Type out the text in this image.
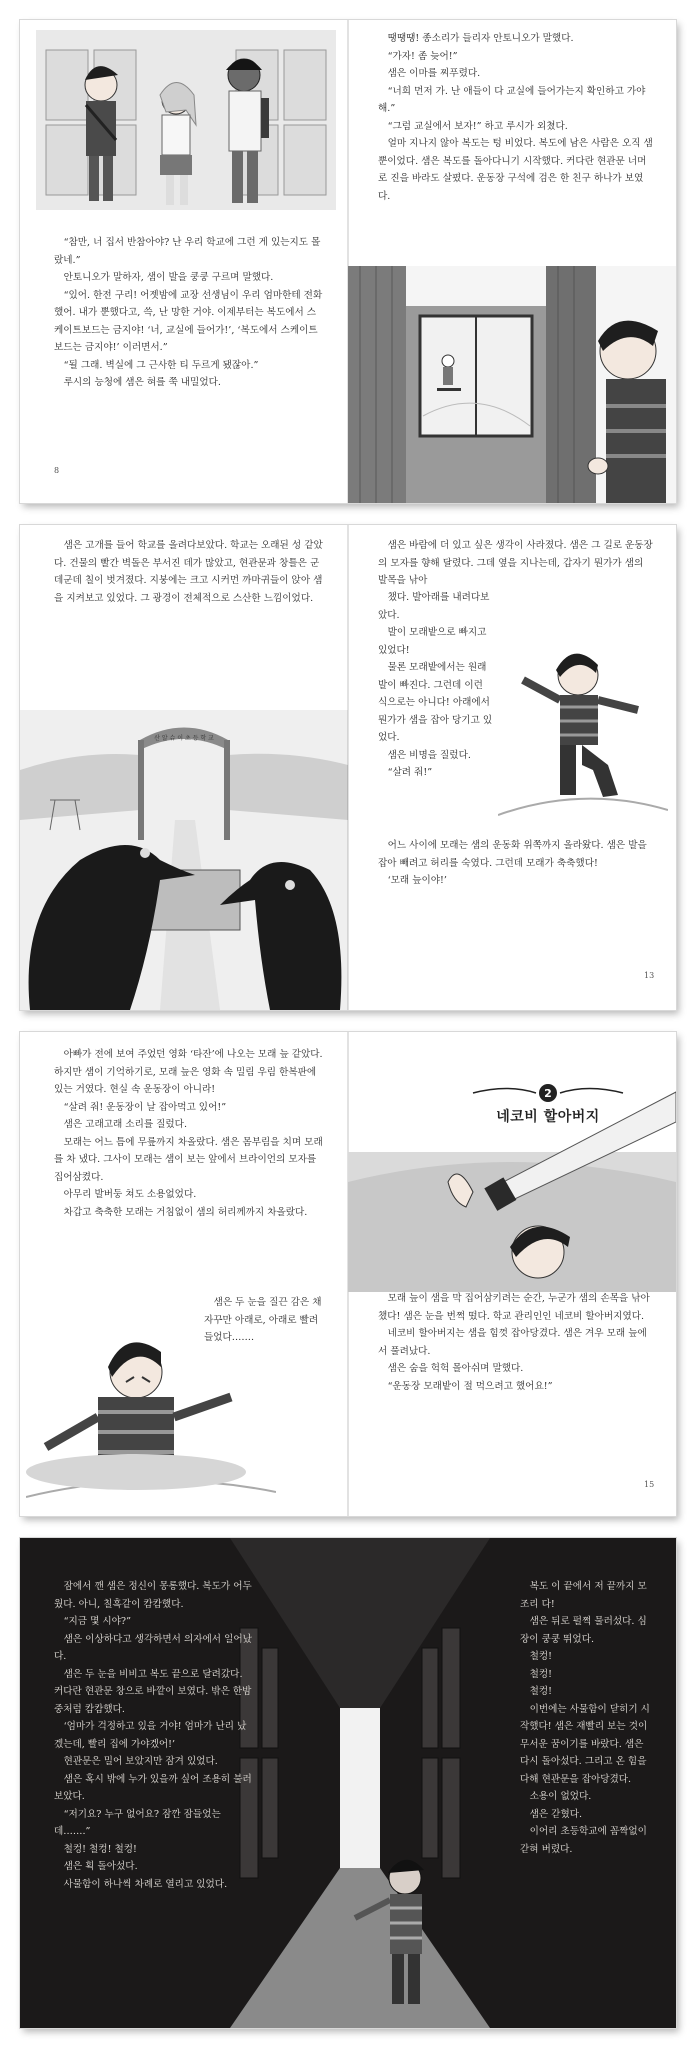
“참만, 너 집서 반참아야? 난 우리 학교에 그런 게 있는지도 몰랐네.”

안토니오가 말하자, 샘이 발을 쿵쿵 구르며 말했다.

“있어. 한전 구리! 어젯밤에 교장 선생님이 우리 엄마한테 전화했어. 내가 뿐했다고, 쓱, 난 망한 거야. 이제부터는 복도에서 스케이트보드는 금지야! ‘너, 교실에 들어가!’, ‘복도에서 스케이트보드는 금지야!’ 이러면서.”

“될 그래. 벽실에 그 근사한 티 두르게 됐잖아.”

루시의 능청에 샘은 혀를 쭉 내밀었다.

8

땡땡땡! 종소리가 들리자 안토니오가 말했다.

“가자! 좀 늦어!”

샘은 이마를 찌푸렸다.

“너희 먼저 가. 난 애들이 다 교실에 들어가는지 확인하고 가야 해.”

“그럼 교실에서 보자!” 하고 루시가 외쳤다.

얼마 지나지 않아 복도는 텅 비었다. 복도에 남은 사람은 오직 샘뿐이었다. 샘은 복도를 돌아다니기 시작했다. 커다란 현관문 너머로 진을 바라도 살폈다. 운동장 구석에 검은 한 친구 하나가 보였다.

샘은 고개를 들어 학교를 올려다보았다. 학교는 오래된 성 같았다. 건물의 빨간 벽돌은 부서진 데가 많았고, 현관문과 창틀은 군데군데 칠이 벗겨졌다. 지붕에는 크고 시커먼 까마귀들이 앉아 샘을 지켜보고 있었다. 그 광경이 전체적으로 스산한 느낌이었다.

산 알 슈 이 초 등 학 교

샘은 바람에 더 있고 싶은 생각이 사라졌다. 샘은 그 길로 운동장의 모자를 향해 달렸다. 그데 옆을 지나는데, 갑자기 뭔가가 샘의 발목을 낚아

챘다. 발아래를 내려다보았다.

발이 모래밭으로 빠지고 있었다!

물론 모래밭에서는 원래 발이 빠진다. 그런데 이런 식으로는 아니다! 아래에서 뭔가가 샘을 잡아 당기고 있었다.

샘은 비명을 질렀다.

“살려 줘!”

어느 사이에 모래는 샘의 운동화 위쪽까지 올라왔다. 샘은 발을 잡아 빼려고 허리를 숙였다. 그런데 모래가 축축했다!

‘모래 늪이야!’

13

아빠가 전에 보여 주었던 영화 ‘타잔’에 나오는 모래 늪 같았다. 하지만 샘이 기억하기로, 모래 늪은 영화 속 밀림 우림 한복판에 있는 거였다. 현실 속 운동장이 아니라!

“살려 줘! 운동장이 날 잡아먹고 있어!”

샘은 고래고래 소리를 질렀다.

모래는 어느 틈에 무릎까지 차올랐다. 샘은 몸부림을 치며 모래를 차 냈다. 그사이 모래는 샘이 보는 앞에서 브라이언의 모자를 집어삼켰다.

아무리 발버둥 쳐도 소용없었다.

차갑고 축축한 모래는 거침없이 샘의 허리께까지 차올랐다.

샘은 두 눈을 질끈 감은 채 자꾸만 아래로, 아래로 빨려 들었다…….

2
네코비 할아버지

모래 늪이 샘을 막 집어삼키려는 순간, 누군가 샘의 손목을 낚아챘다! 샘은 눈을 번쩍 떴다. 학교 관리인인 네코비 할아버지였다.

네코비 할아버지는 샘을 힘껏 잡아당겼다. 샘은 겨우 모래 늪에서 풀려났다.

샘은 숨을 헉헉 몰아쉬며 말했다.

“운동장 모래밭이 절 먹으려고 했어요!”

15

잠에서 깬 샘은 정신이 몽롱했다. 복도가 어두웠다. 아니, 칠흑같이 캄캄했다.

“지금 몇 시야?”

샘은 이상하다고 생각하면서 의자에서 일어났다.

샘은 두 눈을 비비고 복도 끝으로 달려갔다. 커다란 현관문 창으로 바깥이 보였다. 밖은 한밤중처럼 캄캄했다.

‘엄마가 걱정하고 있을 거야! 엄마가 난리 났겠는데, 빨리 집에 가야겠어!’

현관문은 밀어 보았지만 잠겨 있었다.

샘은 혹시 밖에 누가 있을까 싶어 조용히 불러 보았다.

“저기요? 누구 없어요? 잠깐 잠들었는데…….”

철컹! 철컹! 철컹!

샘은 획 돌아섰다.

사물함이 하나씩 차례로 열리고 있었다.

복도 이 끝에서 저 끝까지 모조리 다!

샘은 뒤로 펄쩍 물러섰다. 심장이 쿵쿵 뛰었다.

철컹!

철컹!

철컹!

이번에는 사물함이 닫히기 시작했다! 샘은 재빨리 보는 것이 무서운 꿈이기를 바랐다. 샘은 다시 돌아섰다. 그리고 온 힘을 다해 현관문을 잡아당겼다.

소용이 없었다.

샘은 갇혔다.

이어리 초등학교에 꼼짝없이 갇혀 버렸다.
